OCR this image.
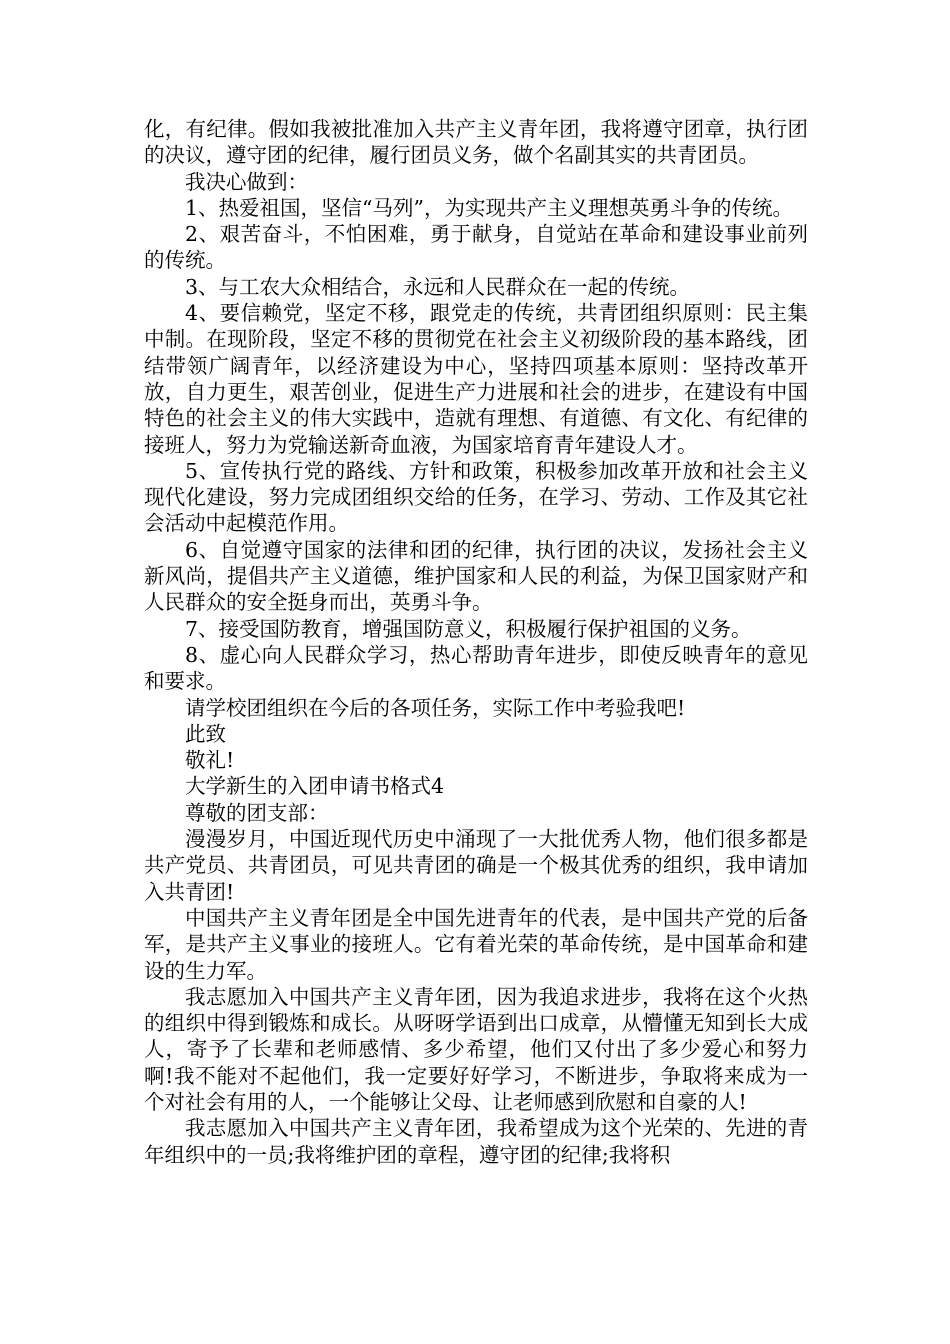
化，有纪律。假如我被批准加入共产主义青年团，我将遵守团章，执行团的决议，遵守团的纪律，履行团员义务，做个名副其实的共青团员。

我决心做到：

1、热爱祖国，坚信“马列”，为实现共产主义理想英勇斗争的传统。

2、艰苦奋斗，不怕困难，勇于献身，自觉站在革命和建设事业前列的传统。

3、与工农大众相结合，永远和人民群众在一起的传统。

4、要信赖党，坚定不移，跟党走的传统，共青团组织原则：民主集中制。在现阶段，坚定不移的贯彻党在社会主义初级阶段的基本路线，团结带领广阔青年，以经济建设为中心，坚持四项基本原则：坚持改革开放，自力更生，艰苦创业，促进生产力进展和社会的进步，在建设有中国特色的社会主义的伟大实践中，造就有理想、有道德、有文化、有纪律的接班人，努力为党输送新奇血液，为国家培育青年建设人才。

5、宣传执行党的路线、方针和政策，积极参加改革开放和社会主义现代化建设，努力完成团组织交给的任务，在学习、劳动、工作及其它社会活动中起模范作用。

6、自觉遵守国家的法律和团的纪律，执行团的决议，发扬社会主义新风尚，提倡共产主义道德，维护国家和人民的利益，为保卫国家财产和人民群众的安全挺身而出，英勇斗争。

7、接受国防教育，增强国防意义，积极履行保护祖国的义务。

8、虚心向人民群众学习，热心帮助青年进步，即使反映青年的意见和要求。

请学校团组织在今后的各项任务，实际工作中考验我吧!

此致

敬礼!

大学新生的入团申请书格式4

尊敬的团支部：

漫漫岁月，中国近现代历史中涌现了一大批优秀人物，他们很多都是共产党员、共青团员，可见共青团的确是一个极其优秀的组织，我申请加入共青团!

中国共产主义青年团是全中国先进青年的代表，是中国共产党的后备军，是共产主义事业的接班人。它有着光荣的革命传统，是中国革命和建设的生力军。

我志愿加入中国共产主义青年团，因为我追求进步，我将在这个火热的组织中得到锻炼和成长。从呀呀学语到出口成章，从懵懂无知到长大成人，寄予了长辈和老师感情、多少希望，他们又付出了多少爱心和努力啊!我不能对不起他们，我一定要好好学习，不断进步，争取将来成为一个对社会有用的人，一个能够让父母、让老师感到欣慰和自豪的人!

我志愿加入中国共产主义青年团，我希望成为这个光荣的、先进的青年组织中的一员;我将维护团的章程，遵守团的纪律;我将积
